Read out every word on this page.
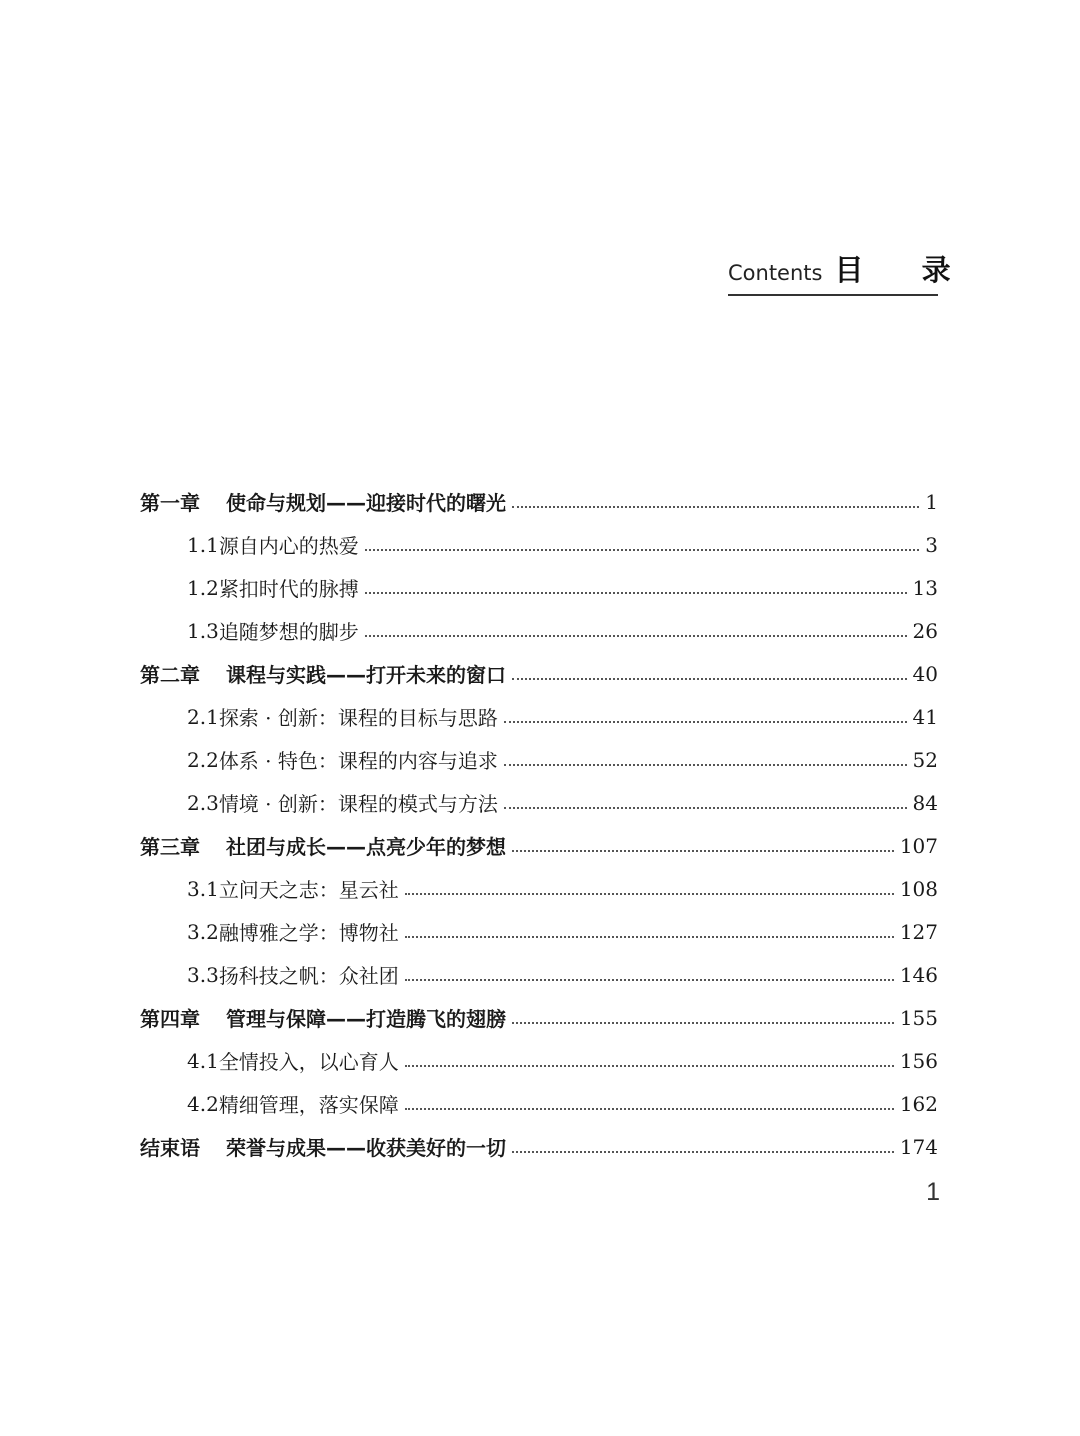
Contents 目 录
第一章 使命与规划——迎接时代的曙光	1
1.1 源自内心的热爱	3
1.2 紧扣时代的脉搏	13
1.3 追随梦想的脚步	26
第二章 课程与实践——打开未来的窗口	40
2.1 探索 · 创新：课程的目标与思路	41
2.2 体系 · 特色：课程的内容与追求	52
2.3 情境 · 创新：课程的模式与方法	84
第三章 社团与成长——点亮少年的梦想	107
3.1 立问天之志：星云社	108
3.2 融博雅之学：博物社	127
3.3 扬科技之帆：众社团	146
第四章 管理与保障——打造腾飞的翅膀	155
4.1 全情投入，以心育人	156
4.2 精细管理，落实保障	162
结束语 荣誉与成果——收获美好的一切	174
1
